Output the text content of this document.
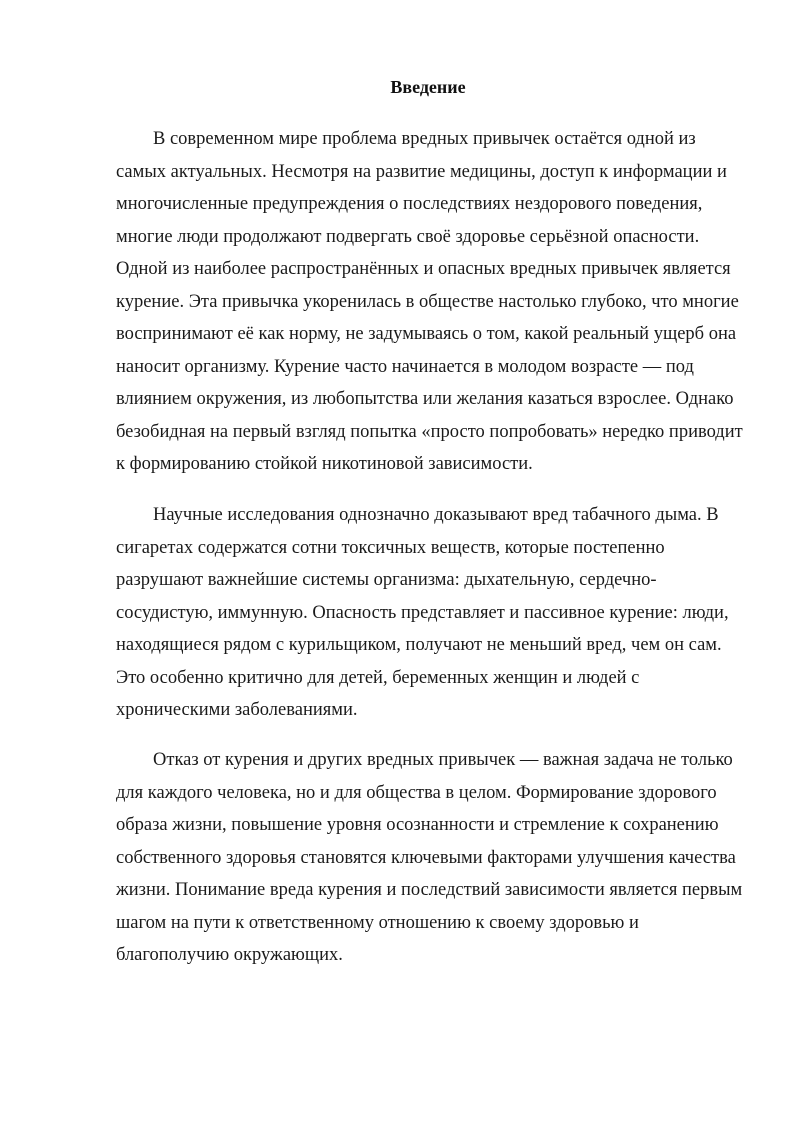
Введение

В современном мире проблема вредных привычек остаётся одной из самых актуальных. Несмотря на развитие медицины, доступ к информации и многочисленные предупреждения о последствиях нездорового поведения, многие люди продолжают подвергать своё здоровье серьёзной опасности. Одной из наиболее распространённых и опасных вредных привычек является курение. Эта привычка укоренилась в обществе настолько глубоко, что многие воспринимают её как норму, не задумываясь о том, какой реальный ущерб она наносит организму. Курение часто начинается в молодом возрасте — под влиянием окружения, из любопытства или желания казаться взрослее. Однако безобидная на первый взгляд попытка «просто попробовать» нередко приводит к формированию стойкой никотиновой зависимости.

Научные исследования однозначно доказывают вред табачного дыма. В сигаретах содержатся сотни токсичных веществ, которые постепенно разрушают важнейшие системы организма: дыхательную, сердечно-сосудистую, иммунную. Опасность представляет и пассивное курение: люди, находящиеся рядом с курильщиком, получают не меньший вред, чем он сам. Это особенно критично для детей, беременных женщин и людей с хроническими заболеваниями.

Отказ от курения и других вредных привычек — важная задача не только для каждого человека, но и для общества в целом. Формирование здорового образа жизни, повышение уровня осознанности и стремление к сохранению собственного здоровья становятся ключевыми факторами улучшения качества жизни. Понимание вреда курения и последствий зависимости является первым шагом на пути к ответственному отношению к своему здоровью и благополучию окружающих.
